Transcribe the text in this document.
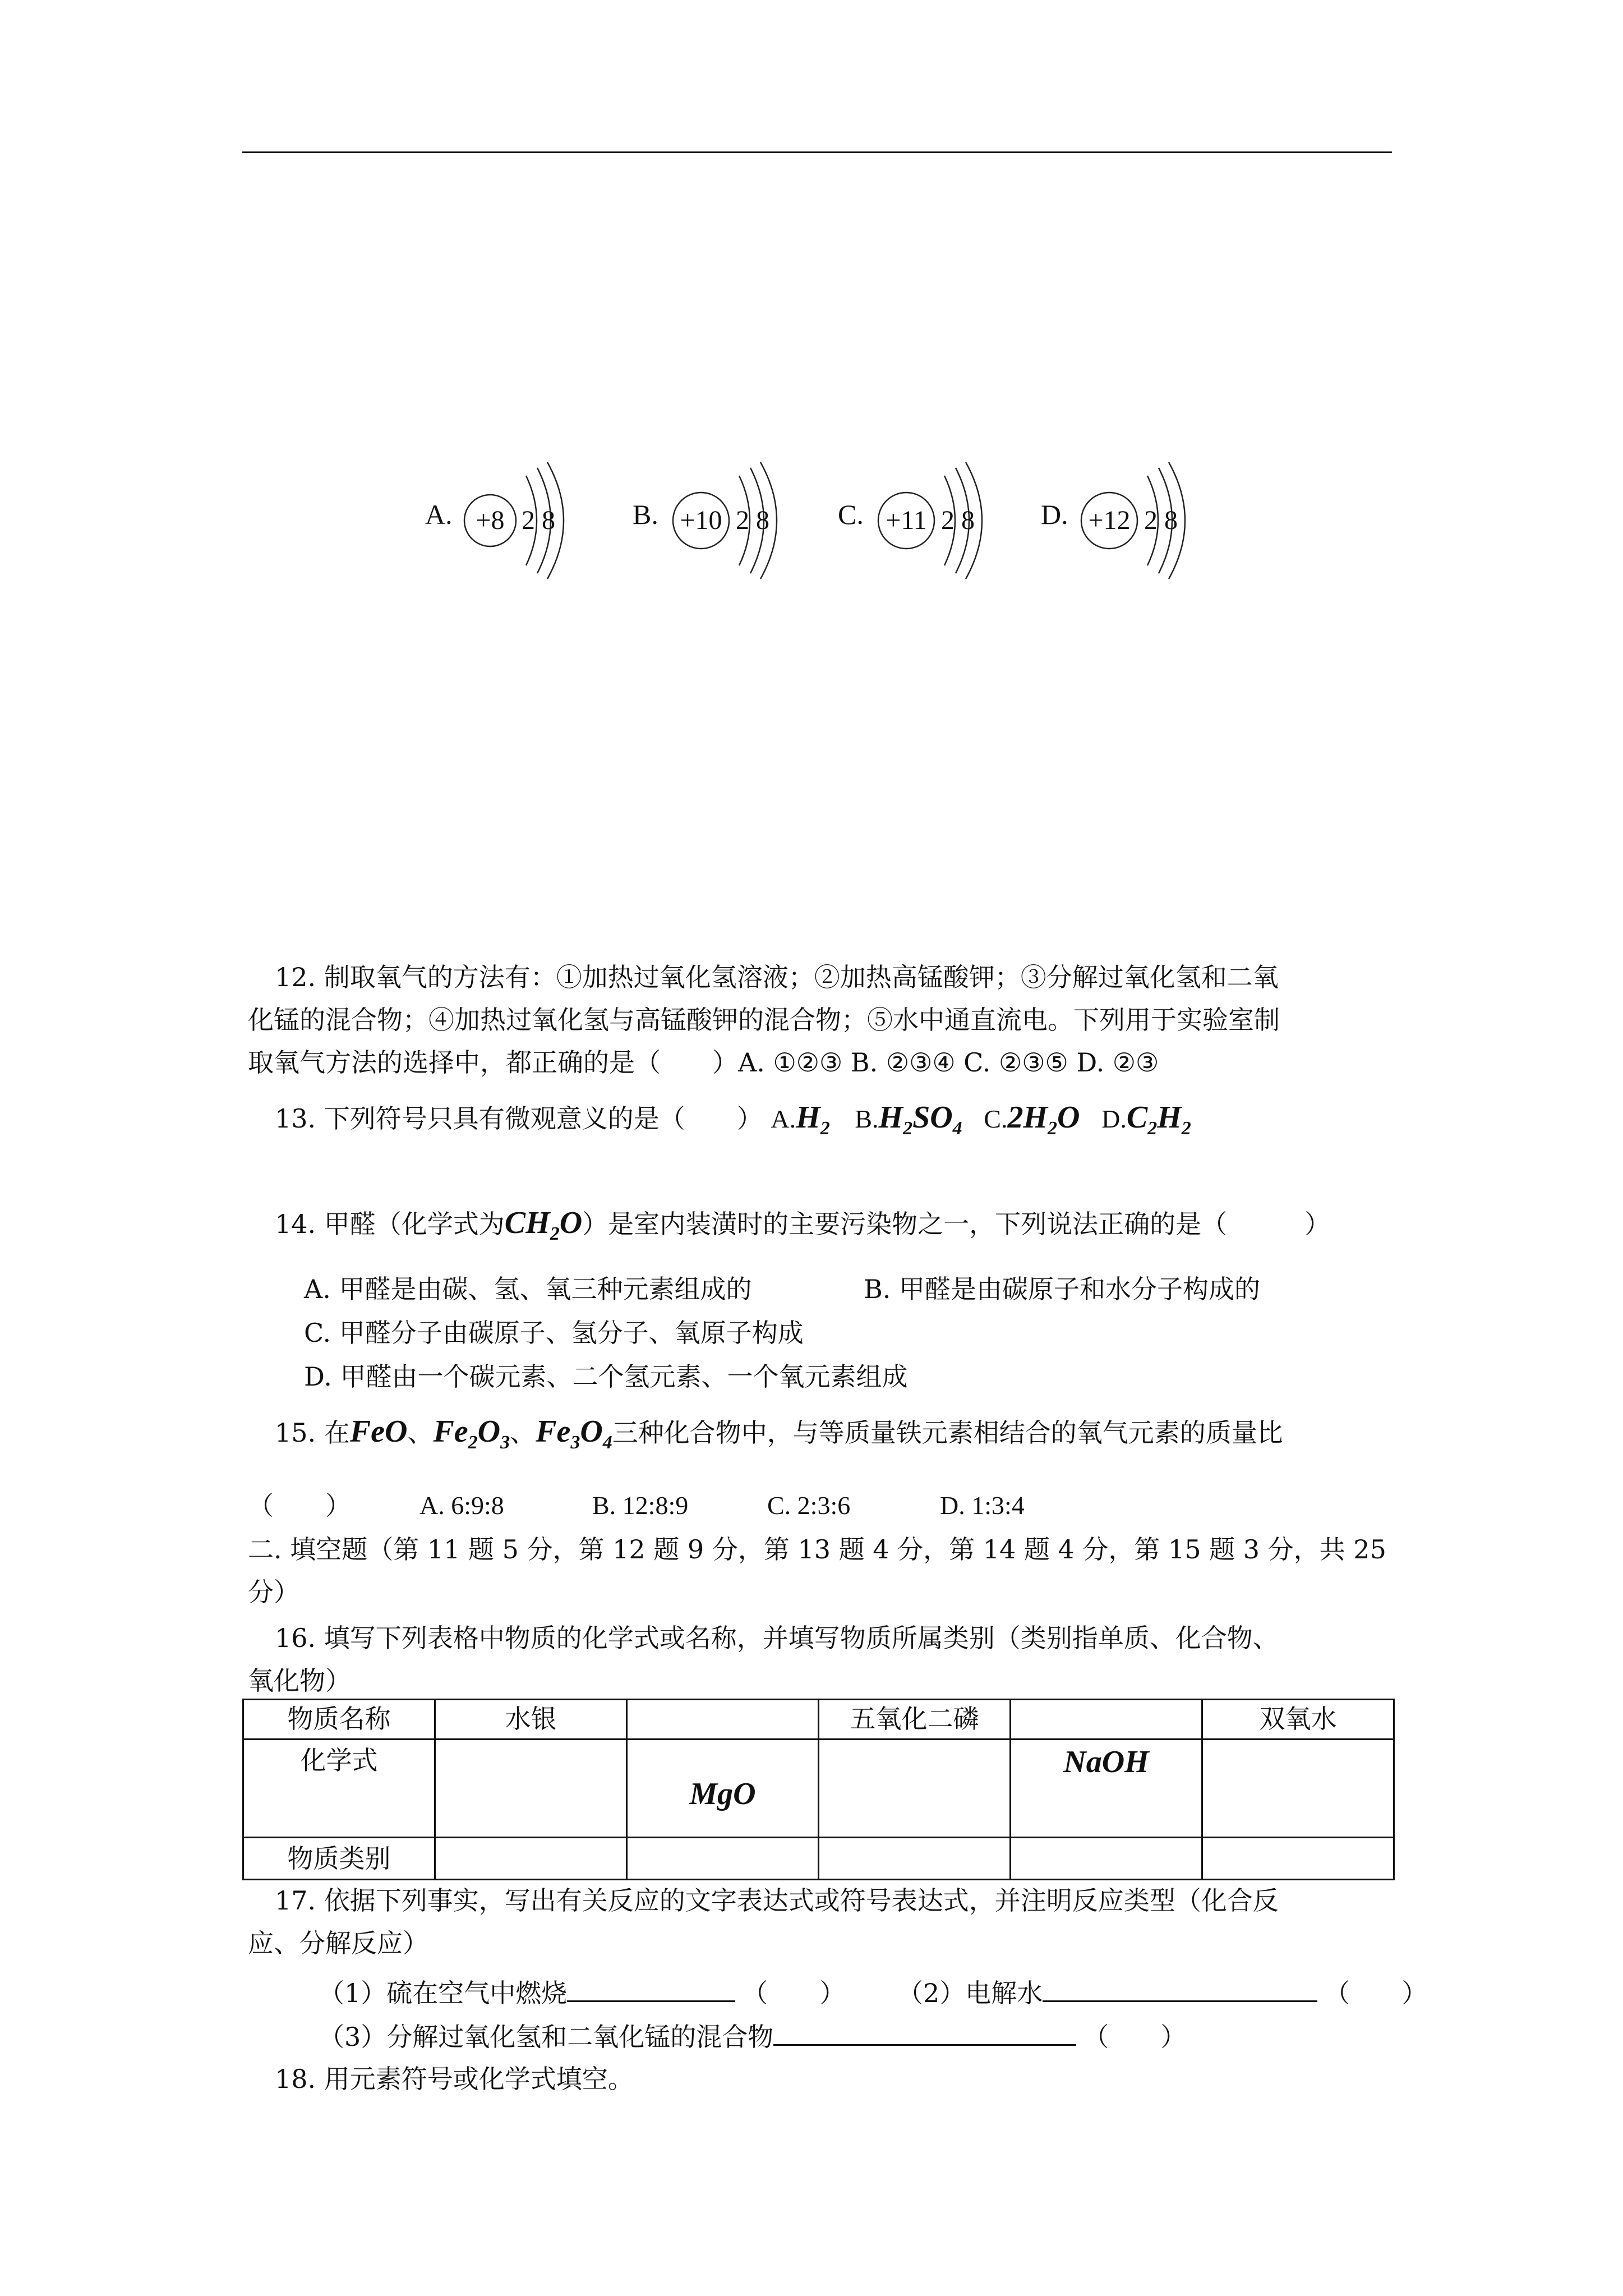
A. +8 2 8	B. +10 2 8 C. +11 2 8 D. +12 2 8
12. 制取氧气的方法有：①加热过氧化氢溶液；②加热高锰酸钾；③分解过氧化氢和二氧
化锰的混合物；④加热过氧化氢与高锰酸钾的混合物；⑤水中通直流电。下列用于实验室制
取氧气方法的选择中，都正确的是（　　）A. ①②③ B. ②③④ C. ②③⑤ D. ②③
13. 下列符号只具有微观意义的是（　　） $A.H_2$ $B.H_2SO_4$ $C.2H_2O$ $D.C_2H_2$
14. 甲醛（化学式为$CH_2O$）是室内装潢时的主要污染物之一，下列说法正确的是（　　　）
A. 甲醛是由碳、氢、氧三种元素组成的	B. 甲醛是由碳原子和水分子构成的
C. 甲醛分子由碳原子、氢分子、氧原子构成
D. 甲醛由一个碳元素、二个氢元素、一个氧元素组成
15. 在FeO、$Fe_2O_3$、$Fe_3O_4$三种化合物中，与等质量铁元素相结合的氧气元素的质量比
（　　）	A. 6:9:8	B. 12:8:9	C. 2:3:6	D. 1:3:4
二. 填空题（第 11 题 5 分，第 12 题 9 分，第 13 题 4 分，第 14 题 4 分，第 15 题 3 分，共 25
分）
16. 填写下列表格中物质的化学式或名称，并填写物质所属类别（类别指单质、化合物、
氧化物）
物质名称	水银		五氧化二磷		双氧水
化学式		MgO		NaOH	
物质类别					
17. 依据下列事实，写出有关反应的文字表达式或符号表达式，并注明反应类型（化合反
应、分解反应）
（1）硫在空气中燃烧	（　　） （2）电解水	（　　）
（3）分解过氧化氢和二氧化锰的混合物	（　　）
18. 用元素符号或化学式填空。
